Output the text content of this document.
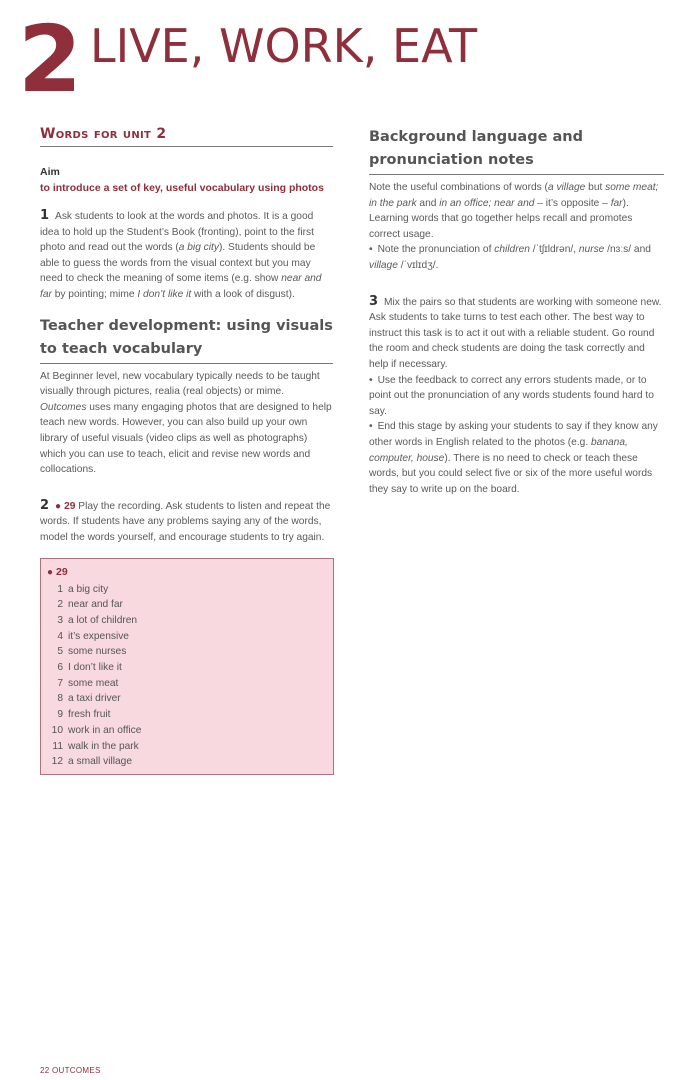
2 LIVE, WORK, EAT
Words for unit 2
Aim
to introduce a set of key, useful vocabulary using photos

1 Ask students to look at the words and photos. It is a good idea to hold up the Student’s Book (fronting), point to the first photo and read out the words (a big city). Students should be able to guess the words from the visual context but you may need to check the meaning of some items (e.g. show near and far by pointing; mime I don’t like it with a look of disgust).

Teacher development: using visuals to teach vocabulary

At Beginner level, new vocabulary typically needs to be taught visually through pictures, realia (real objects) or mime. Outcomes uses many engaging photos that are designed to help teach new words. However, you can also build up your own library of useful visuals (video clips as well as photographs) which you can use to teach, elicit and revise new words and collocations.

2 ● 29 Play the recording. Ask students to listen and repeat the words. If students have any problems saying any of the words, model the words yourself, and encourage students to try again.

● 29
1 a big city
2 near and far
3 a lot of children
4 it’s expensive
5 some nurses
6 I don’t like it
7 some meat
8 a taxi driver
9 fresh fruit
10 work in an office
11 walk in the park
12 a small village
Background language and pronunciation notes

Note the useful combinations of words (a village but some meat; in the park and in an office; near and – it’s opposite – far). Learning words that go together helps recall and promotes correct usage.

• Note the pronunciation of children /ˈtʃɪldrən/, nurse /nɜːs/ and village /ˈvɪlɪdʒ/.

3 Mix the pairs so that students are working with someone new. Ask students to take turns to test each other. The best way to instruct this task is to act it out with a reliable student. Go round the room and check students are doing the task correctly and help if necessary.

• Use the feedback to correct any errors students made, or to point out the pronunciation of any words students found hard to say.

• End this stage by asking your students to say if they know any other words in English related to the photos (e.g. banana, computer, house). There is no need to check or teach these words, but you could select five or six of the more useful words they say to write up on the board.

22 OUTCOMES
